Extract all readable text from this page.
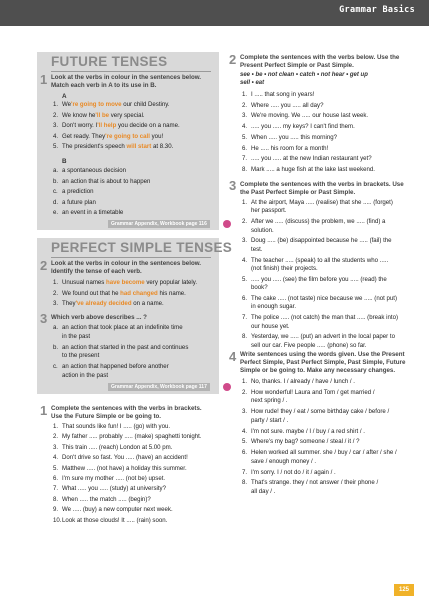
Grammar Basics
FUTURE TENSES
1 Look at the verbs in colour in the sentences below.
Match each verb in A to its use in B.
A
1. We're going to move our child Destiny.
2. We know he'll be very special.
3. Don't worry. I'll help you decide on a name.
4. Get ready. They're going to call you!
5. The president's speech will start at 8.30.
B
a. a spontaneous decision
b. an action that is about to happen
c. a prediction
d. a future plan
e. an event in a timetable
Grammar Appendix, Workbook page 116
PERFECT SIMPLE TENSES
2 Look at the verbs in colour in the sentences below.
Identify the tense of each verb.
1. Unusual names have become very popular lately.
2. We found out that he had changed his name.
3. They've already decided on a name.
3 Which verb above describes ... ?
a. an action that took place at an indefinite time
in the past
b. an action that started in the past and continues
to the present
c. an action that happened before another
action in the past
Grammar Appendix, Workbook page 117
1 Complete the sentences with the verbs in brackets.
Use the Future Simple or be going to.
1. That sounds like fun! I ..... (go) with you.
2. My father ..... probably ..... (make) spaghetti tonight.
3. This train ..... (reach) London at 5.00 pm.
4. Don't drive so fast. You ..... (have) an accident!
5. Matthew ..... (not have) a holiday this summer.
6. I'm sure my mother ..... (not be) upset.
7. What ..... you ..... (study) at university?
8. When ..... the match ..... (begin)?
9. We ..... (buy) a new computer next week.
10.Look at those clouds! It ..... (rain) soon.
2 Complete the sentences with the verbs below. Use the
Present Perfect Simple or Past Simple.
see • be • not clean • catch • not hear • get up
sell • eat
1. I ..... that song in years!
2. Where ..... you ..... all day?
3. We're moving. We ..... our house last week.
4. ..... you ..... my keys? I can't find them.
5. When ..... you ..... this morning?
6. He ..... his room for a month!
7. ..... you ..... at the new Indian restaurant yet?
8. Mark ..... a huge fish at the lake last weekend.
3 Complete the sentences with the verbs in brackets. Use
the Past Perfect Simple or Past Simple.
1. At the airport, Maya ..... (realise) that she ..... (forget)
her passport.
2. After we ..... (discuss) the problem, we ..... (find) a
solution.
3. Doug ..... (be) disappointed because he ..... (fail) the
test.
4. The teacher ..... (speak) to all the students who .....
(not finish) their projects.
5. ..... you ..... (see) the film before you ..... (read) the
book?
6. The cake ..... (not taste) nice because we ..... (not put)
in enough sugar.
7. The police ..... (not catch) the man that ..... (break into)
our house yet.
8. Yesterday, we ..... (put) an advert in the local paper to
sell our car. Five people ..... (phone) so far.
4 Write sentences using the words given. Use the Present
Perfect Simple, Past Perfect Simple, Past Simple, Future
Simple or be going to. Make any necessary changes.
1. No, thanks. I / already / have / lunch / .
2. How wonderful! Laura and Tom / get married /
next spring / .
3. How rude! they / eat / some birthday cake / before /
party / start / .
4. I'm not sure. maybe / I / buy / a red shirt / .
5. Where's my bag? someone / steal / it / ?
6. Helen worked all summer. she / buy / car / after / she /
save / enough money / .
7. I'm sorry. I / not do / it / again / .
8. That's strange. they / not answer / their phone /
all day / .
125
